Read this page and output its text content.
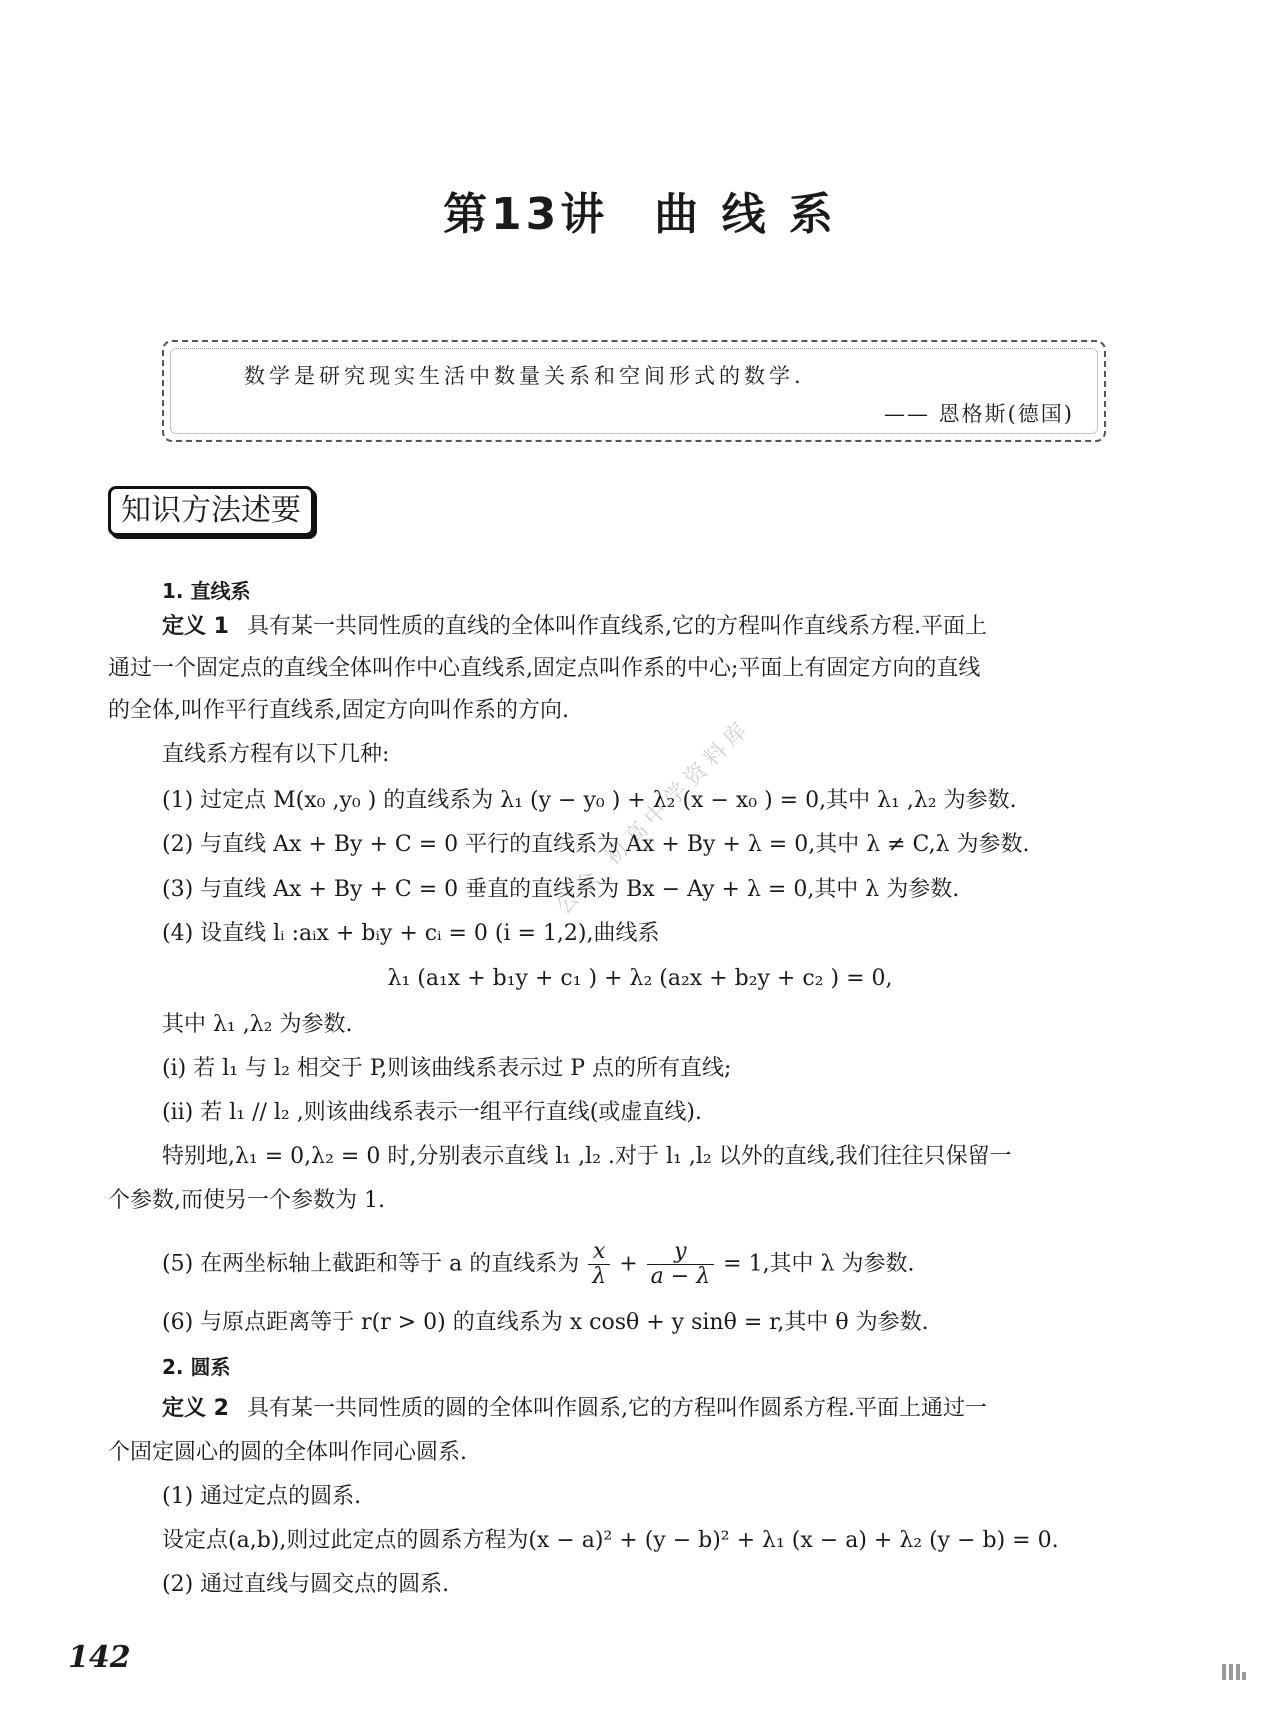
第13讲 曲 线 系
数学是研究现实生活中数量关系和空间形式的数学.
—— 恩格斯(德国)
知识方法述要
公众 初高中学资料库
1. 直线系
定义 1 具有某一共同性质的直线的全体叫作直线系,它的方程叫作直线系方程.平面上
通过一个固定点的直线全体叫作中心直线系,固定点叫作系的中心;平面上有固定方向的直线
的全体,叫作平行直线系,固定方向叫作系的方向.
直线系方程有以下几种:
(1) 过定点 M(x₀ ,y₀ ) 的直线系为 λ₁ (y − y₀ ) + λ₂ (x − x₀ ) = 0,其中 λ₁ ,λ₂ 为参数.
(2) 与直线 Ax + By + C = 0 平行的直线系为 Ax + By + λ = 0,其中 λ ≠ C,λ 为参数.
(3) 与直线 Ax + By + C = 0 垂直的直线系为 Bx − Ay + λ = 0,其中 λ 为参数.
(4) 设直线 lᵢ :aᵢx + bᵢy + cᵢ = 0 (i = 1,2),曲线系
λ₁ (a₁x + b₁y + c₁ ) + λ₂ (a₂x + b₂y + c₂ ) = 0,
其中 λ₁ ,λ₂ 为参数.
(i) 若 l₁ 与 l₂ 相交于 P,则该曲线系表示过 P 点的所有直线;
(ii) 若 l₁ // l₂ ,则该曲线系表示一组平行直线(或虚直线).
特别地,λ₁ = 0,λ₂ = 0 时,分别表示直线 l₁ ,l₂ .对于 l₁ ,l₂ 以外的直线,我们往往只保留一
个参数,而使另一个参数为 1.
(5) 在两坐标轴上截距和等于 a 的直线系为 $\frac{x}{\lambda} + \frac{y}{a - \lambda} = 1$,其中 λ 为参数.
(6) 与原点距离等于 r(r > 0) 的直线系为 x cosθ + y sinθ = r,其中 θ 为参数.
2. 圆系
定义 2 具有某一共同性质的圆的全体叫作圆系,它的方程叫作圆系方程.平面上通过一
个固定圆心的圆的全体叫作同心圆系.
(1) 通过定点的圆系.
设定点(a,b),则过此定点的圆系方程为(x − a)² + (y − b)² + λ₁ (x − a) + λ₂ (y − b) = 0.
(2) 通过直线与圆交点的圆系.
142
